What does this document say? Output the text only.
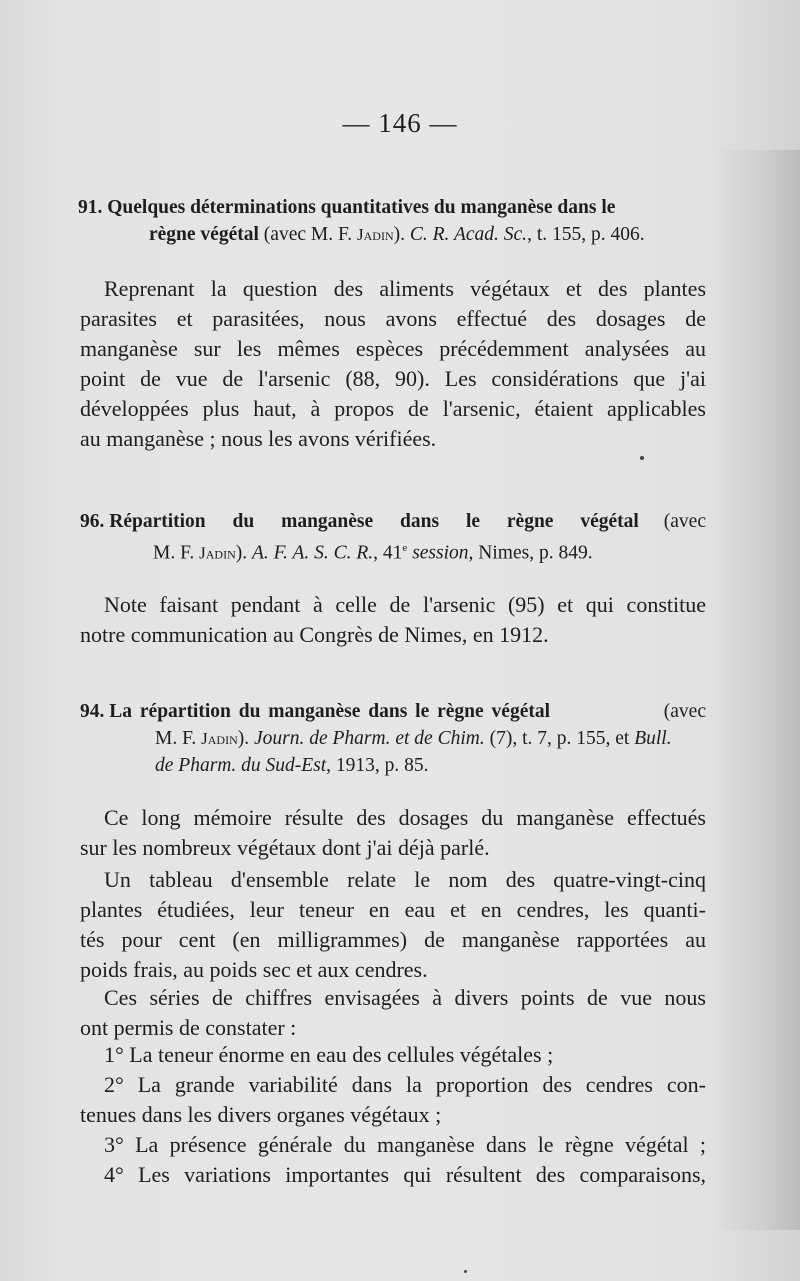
— 146 —
91. Quelques déterminations quantitatives du manganèse dans le
règne végétal (avec M. F. Jadin). C. R. Acad. Sc., t. 155, p. 406.
Reprenant la question des aliments végétaux et des plantes
parasites et parasitées, nous avons effectué des dosages de
manganèse sur les mêmes espèces précédemment analysées au
point de vue de l'arsenic (88, 90). Les considérations que j'ai
développées plus haut, à propos de l'arsenic, étaient applicables
au manganèse ; nous les avons vérifiées.
96. Répartition du manganèse dans le règne végétal (avec
M. F. Jadin). A. F. A. S. C. R., 41e session, Nimes, p. 849.
Note faisant pendant à celle de l'arsenic (95) et qui constitue
notre communication au Congrès de Nimes, en 1912.
94. La répartition du manganèse dans le règne végétal	(avec
M. F. Jadin). Journ. de Pharm. et de Chim. (7), t. 7, p. 155, et Bull.
de Pharm. du Sud-Est, 1913, p. 85.
Ce long mémoire résulte des dosages du manganèse effectués
sur les nombreux végétaux dont j'ai déjà parlé.
Un tableau d'ensemble relate le nom des quatre-vingt-cinq
plantes étudiées, leur teneur en eau et en cendres, les quanti-
tés pour cent (en milligrammes) de manganèse rapportées au
poids frais, au poids sec et aux cendres.
Ces séries de chiffres envisagées à divers points de vue nous
ont permis de constater :
1° La teneur énorme en eau des cellules végétales ;
2° La grande variabilité dans la proportion des cendres con-
tenues dans les divers organes végétaux ;
3° La présence générale du manganèse dans le règne végétal ;
4° Les variations importantes qui résultent des comparaisons,
